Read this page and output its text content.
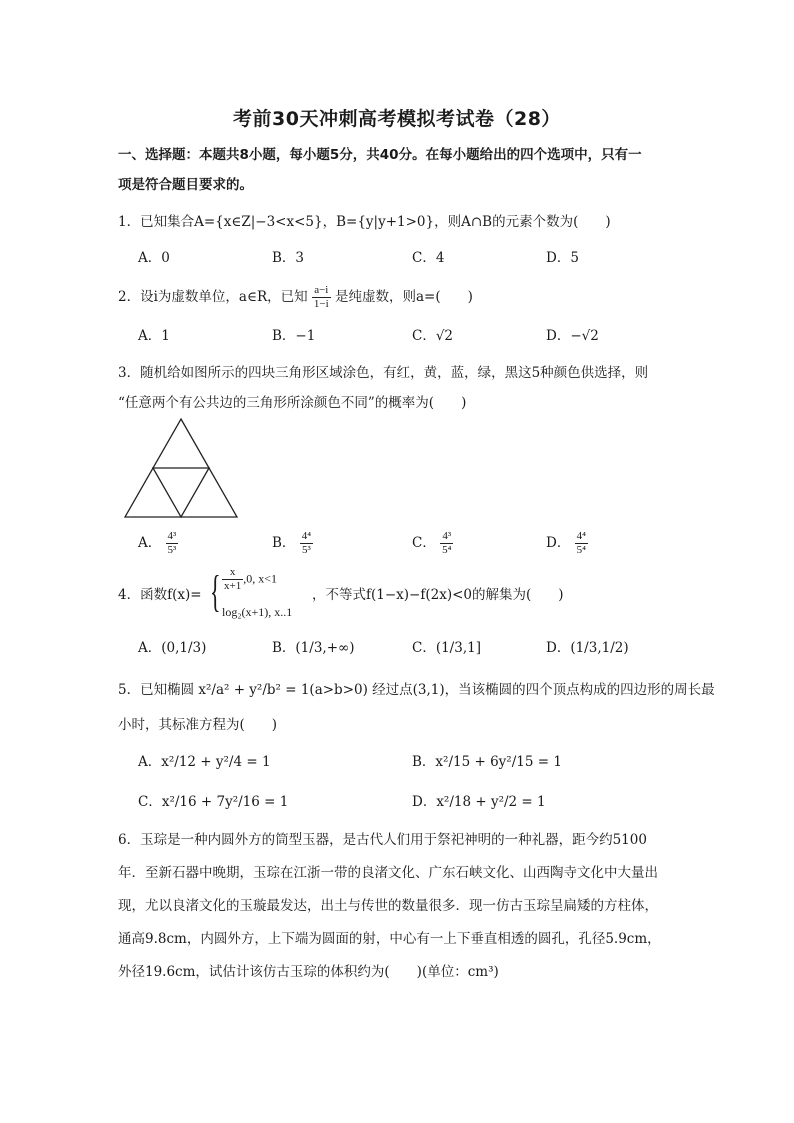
考前30天冲刺高考模拟考试卷（28）
一、选择题：本题共8小题，每小题5分，共40分。在每小题给出的四个选项中，只有一
项是符合题目要求的。
1．已知集合A={x∈Z|−3<x<5}，B={y|y+1>0}，则A∩B的元素个数为(　　)
A．0	B．3	C．4	D．5
2．设i为虚数单位，a∈R，已知 $\frac{a-i}{1-i}$ 是纯虚数，则a=(　　)
A．1	B．−1	C．√2	D．−√2
3．随机给如图所示的四块三角形区域涂色，有红，黄，蓝，绿，黑这5种颜色供选择，则
“任意两个有公共边的三角形所涂颜色不同”的概率为(　　)
A． $\frac{\text{4³}}{\text{5³}}$	B． $\frac{\text{4⁴}}{\text{5³}}$	C． $\frac{\text{4³}}{\text{5⁴}}$	D． $\frac{\text{4⁴}}{\text{5⁴}}$
4．函数f(x)= { $\frac{x}{x+1} ,0$, x<1
log₂(x+1), x..1
，不等式f(1−x)−f(2x)<0的解集为(　　)
A．(0,1/3)	B．(1/3,+∞)	C．(1/3,1]	D．(1/3,1/2)
5．已知椭圆 x²/a² + y²/b² = 1(a>b>0) 经过点(3,1)，当该椭圆的四个顶点构成的四边形的周长最
小时，其标准方程为(　　)
A．x²/12 + y²/4 = 1	B．x²/15 + 6y²/15 = 1
C．x²/16 + 7y²/16 = 1	D．x²/18 + y²/2 = 1
6．玉琮是一种内圆外方的筒型玉器，是古代人们用于祭祀神明的一种礼器，距今约5100
年．至新石器中晚期，玉琮在江浙一带的良渚文化、广东石峡文化、山西陶寺文化中大量出
现，尤以良渚文化的玉璇最发达，出土与传世的数量很多．现一仿古玉琮呈扁矮的方柱体，
通高9.8cm，内圆外方，上下端为圆面的射，中心有一上下垂直相透的圆孔，孔径5.9cm，
外径19.6cm，试估计该仿古玉琮的体积约为(　　)(单位：cm³)
